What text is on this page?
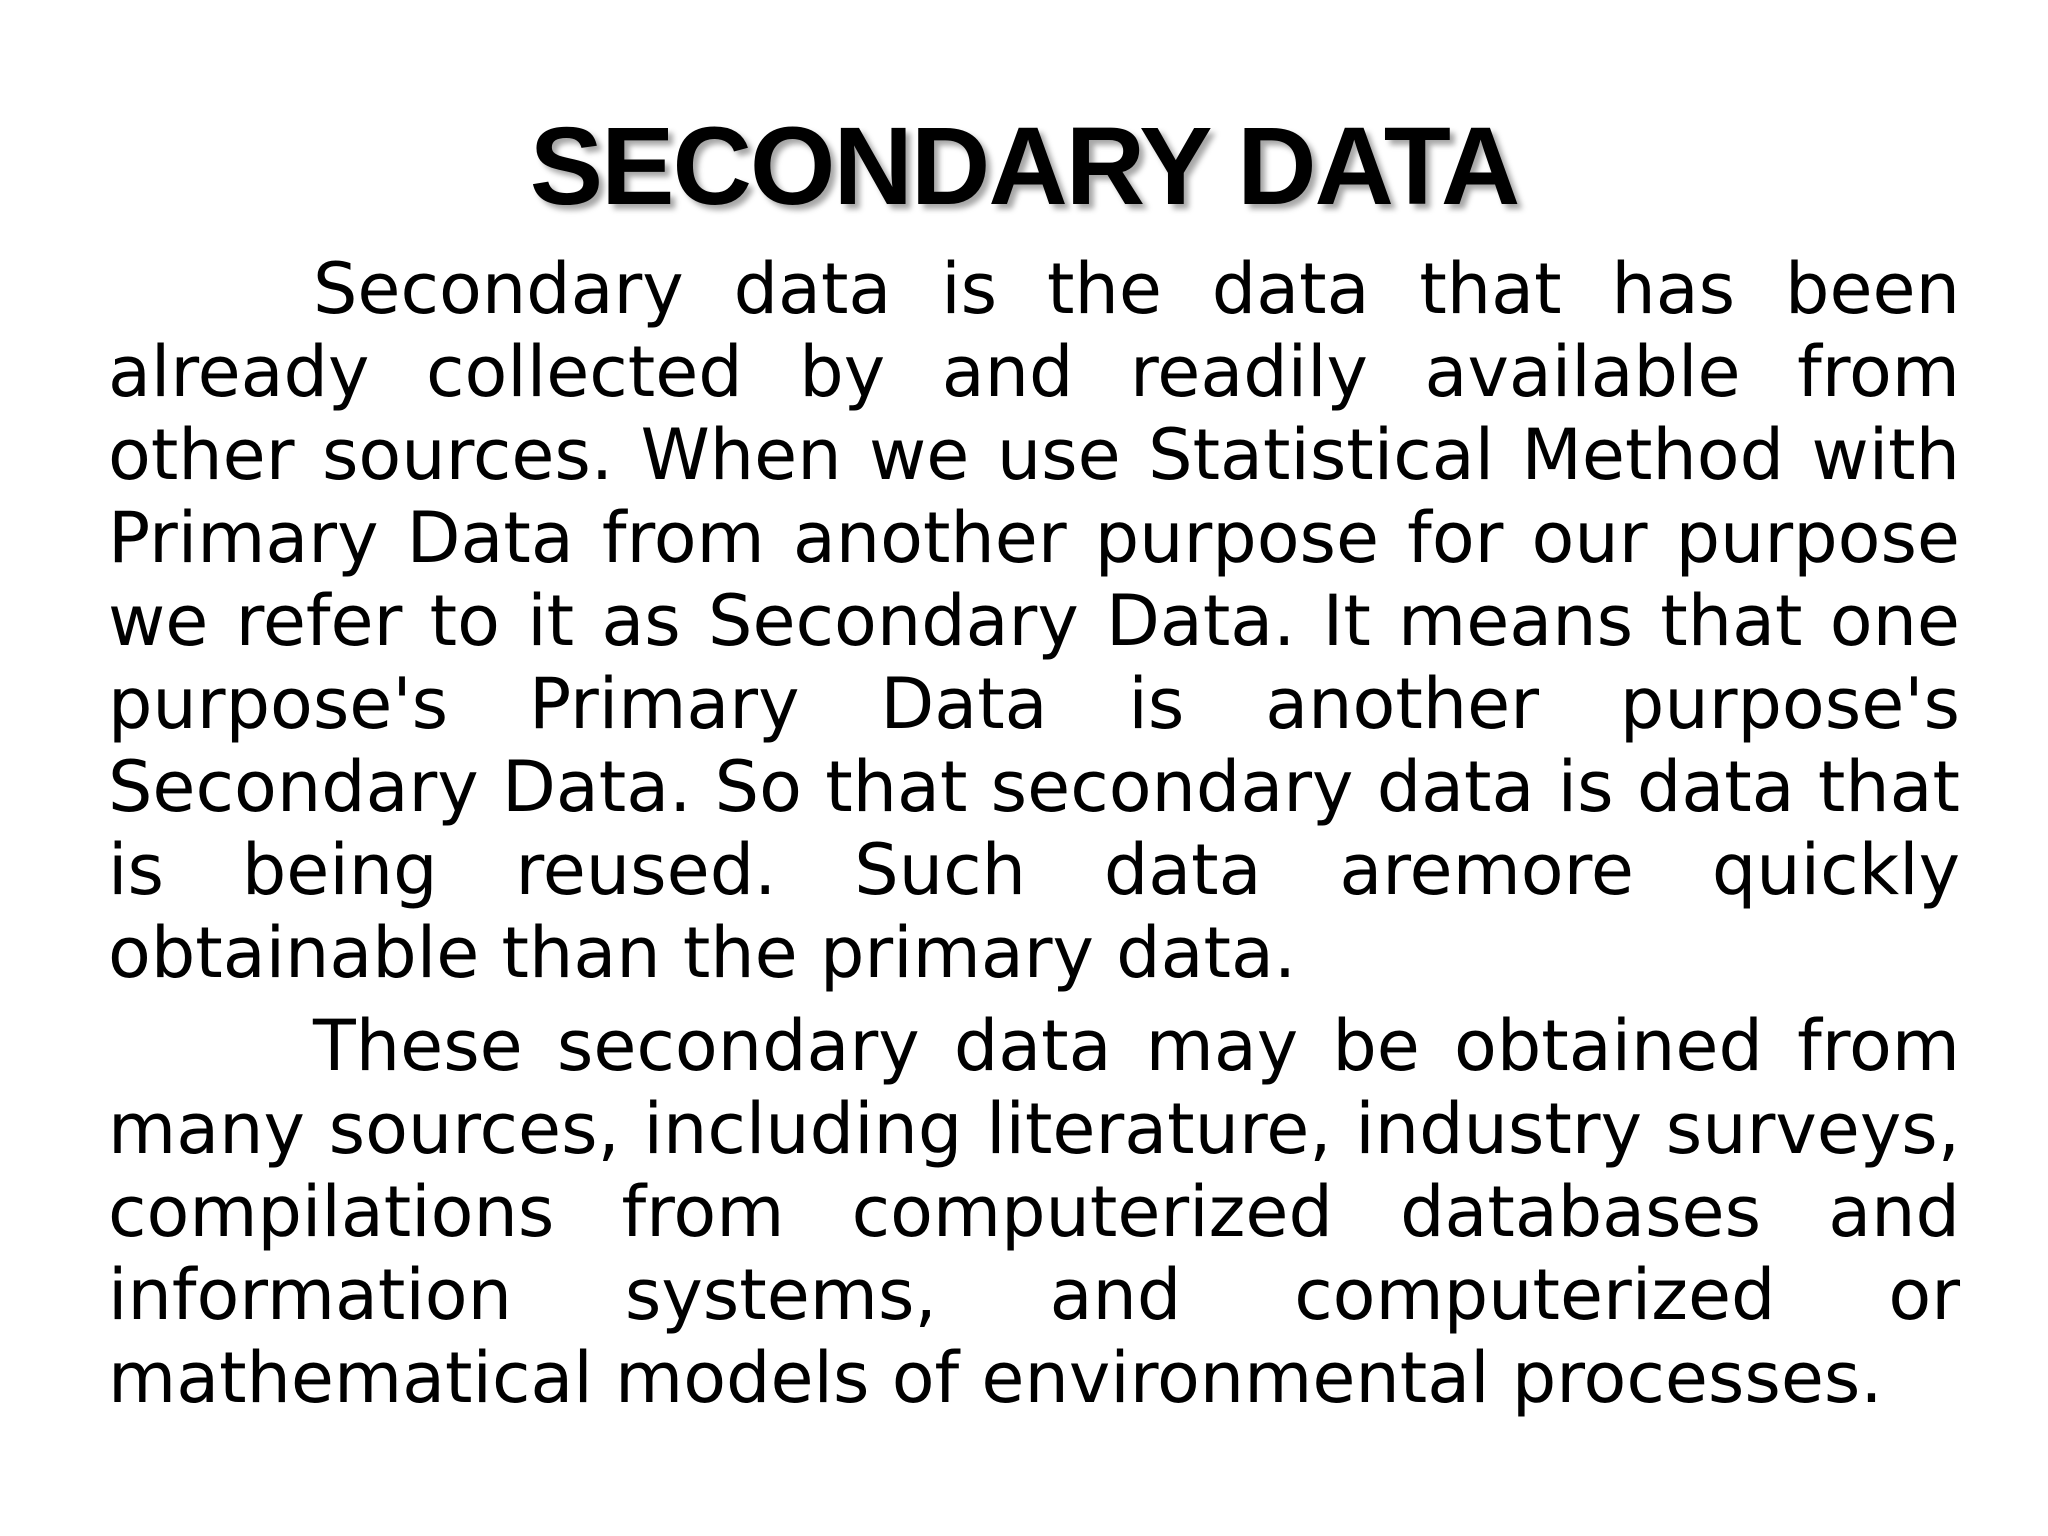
SECONDARY DATA

Secondary data is the data that has been already collected by and readily available from other sources. When we use Statistical Method with Primary Data from another purpose for our purpose we refer to it as Secondary Data. It means that one purpose's Primary Data is another purpose's Secondary Data. So that secondary data is data that is being reused. Such data aremore quickly obtainable than the primary data.

These secondary data may be obtained from many sources, including literature, industry surveys, compilations from computerized databases and information systems, and computerized or mathematical models of environmental processes.
